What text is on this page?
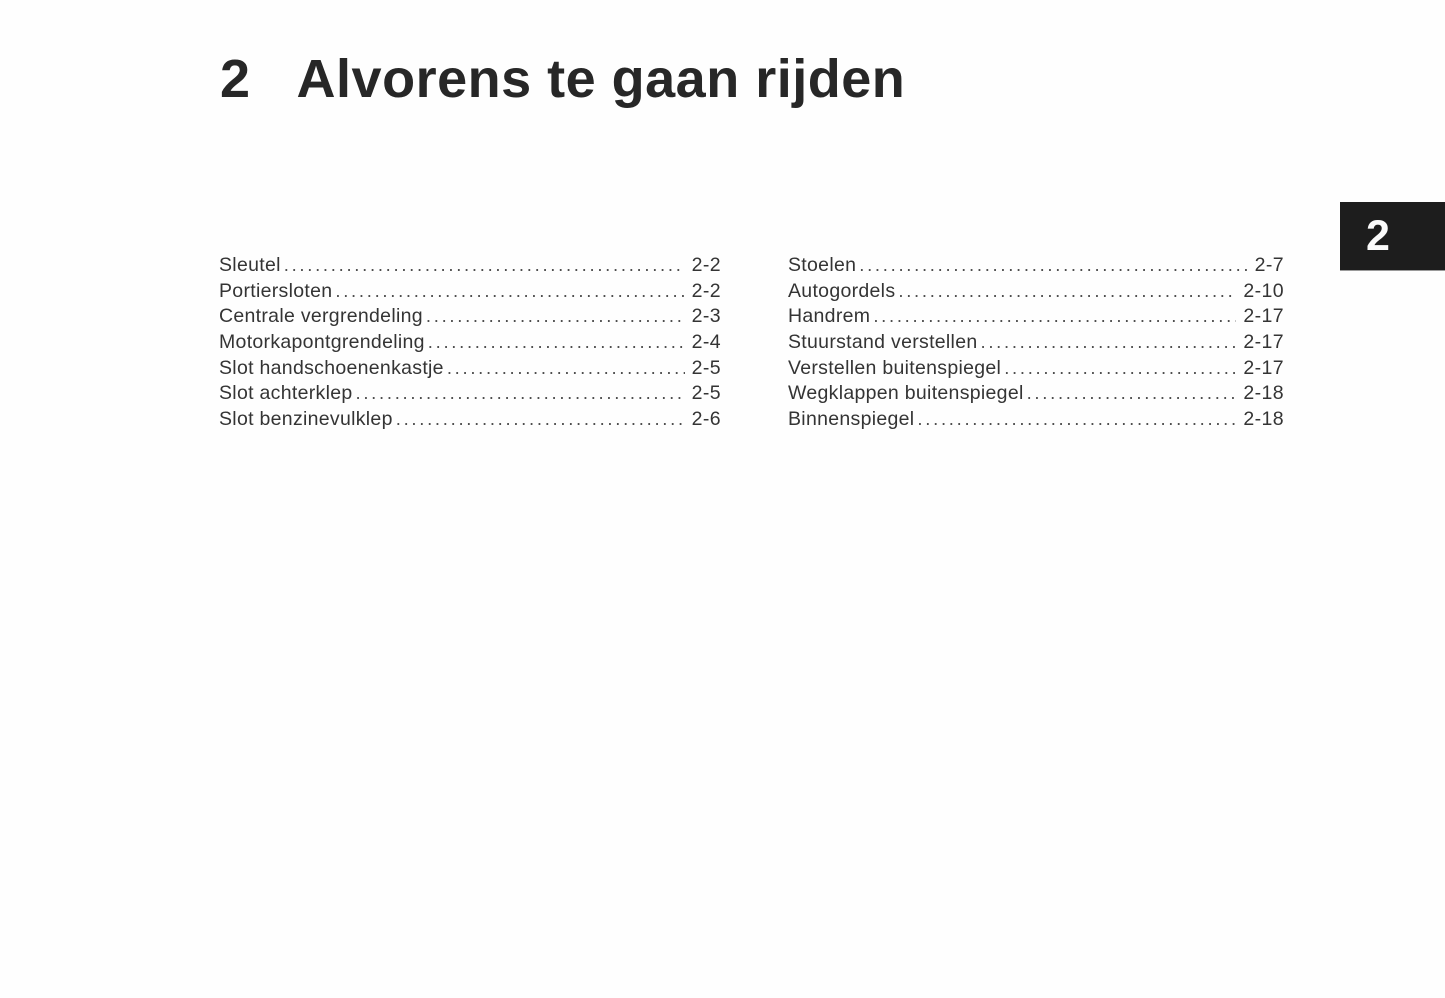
2 Alvorens te gaan rijden
Sleutel .....	2-2
Portiersloten .....	2-2
Centrale vergrendeling .....	2-3
Motorkapontgrendeling .....	2-4
Slot handschoenenkastje .....	2-5
Slot achterklep .....	2-5
Slot benzinevulklep .....	2-6
Stoelen .....	2-7
Autogordels .....	2-10
Handrem .....	2-17
Stuurstand verstellen .....	2-17
Verstellen buitenspiegel .....	2-17
Wegklappen buitenspiegel .....	2-18
Binnenspiegel .....	2-18
2
